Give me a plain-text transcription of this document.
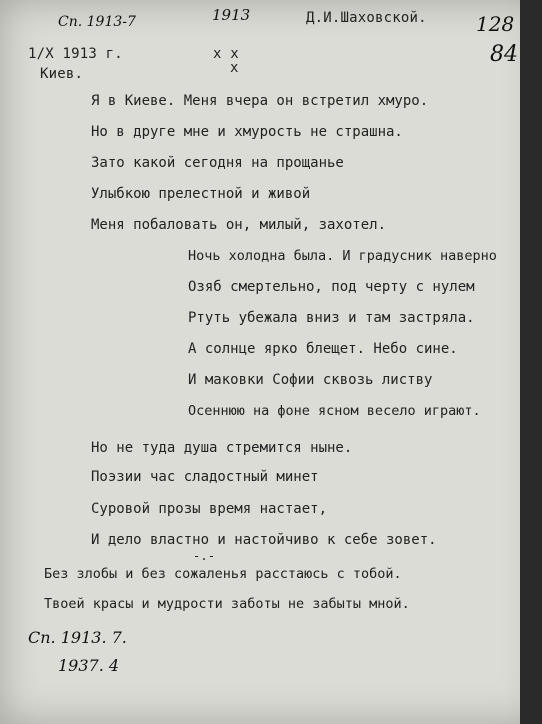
Сп. 1913-7	1913	Д.И.Шаховской. 128
84
1/X 1913 г.	x x
x
Киев.
Я в Киеве. Меня вчера он встретил хмуро.
Но в друге мне и хмурость не страшна.
Зато какой сегодня на прощанье
Улыбкою прелестной и живой
Меня побаловать он, милый, захотел.
Ночь холодна была. И градусник наверно
Озяб смертельно, под черту с нулем
Ртуть убежала вниз и там застряла.
А солнце ярко блещет. Небо сине.
И маковки Софии сквозь листву
Осеннюю на фоне ясном весело играют.
Но не туда душа стремится ныне.
Поэзии час сладостный минет
Суровой прозы время настает,
И дело властно и настойчиво к себе зовет.
-.-
Без злобы и без сожаленья расстаюсь с тобой.
Твоей красы и мудрости заботы не забыты мной.
Сп. 1913. 7.
1937. 4
